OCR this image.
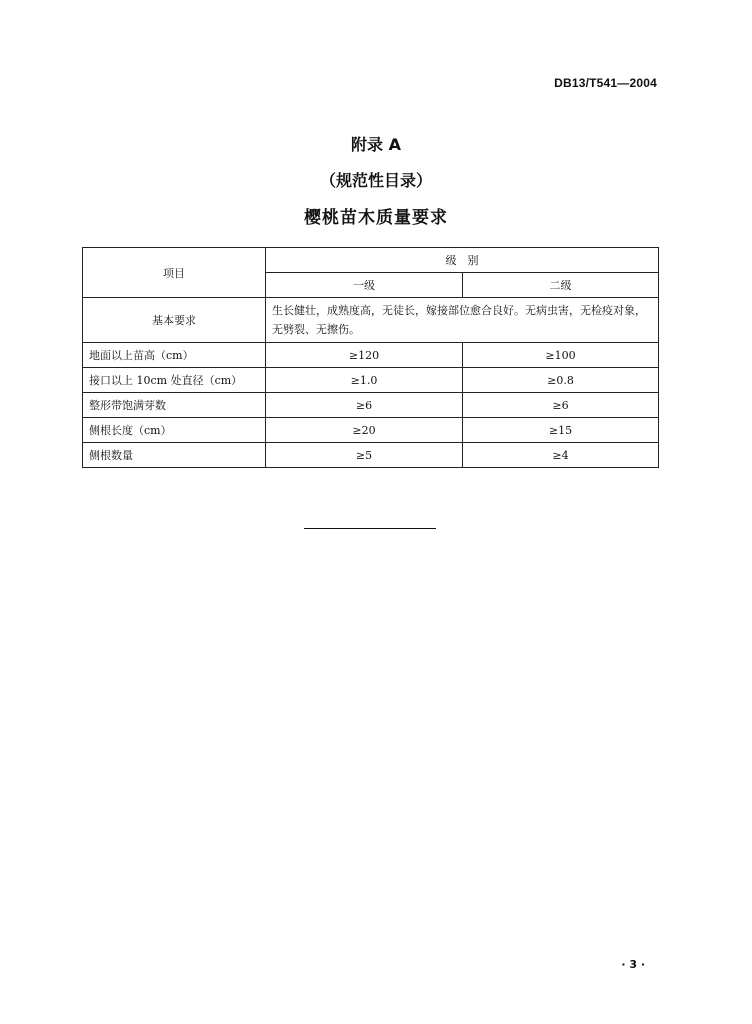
DB13/T541—2004
附录 A
（规范性目录）
樱桃苗木质量要求
项目	级　别	
	一级	二级
基本要求	生长健壮，成熟度高，无徒长，嫁接部位愈合良好。无病虫害，无检疫对象，无劈裂、无擦伤。	
地面以上苗高（cm）	≥120	≥100
接口以上 10cm 处直径（cm）	≥1.0	≥0.8
整形带饱满芽数	≥6	≥6
侧根长度（cm）	≥20	≥15
侧根数量	≥5	≥4
· 3 ·
